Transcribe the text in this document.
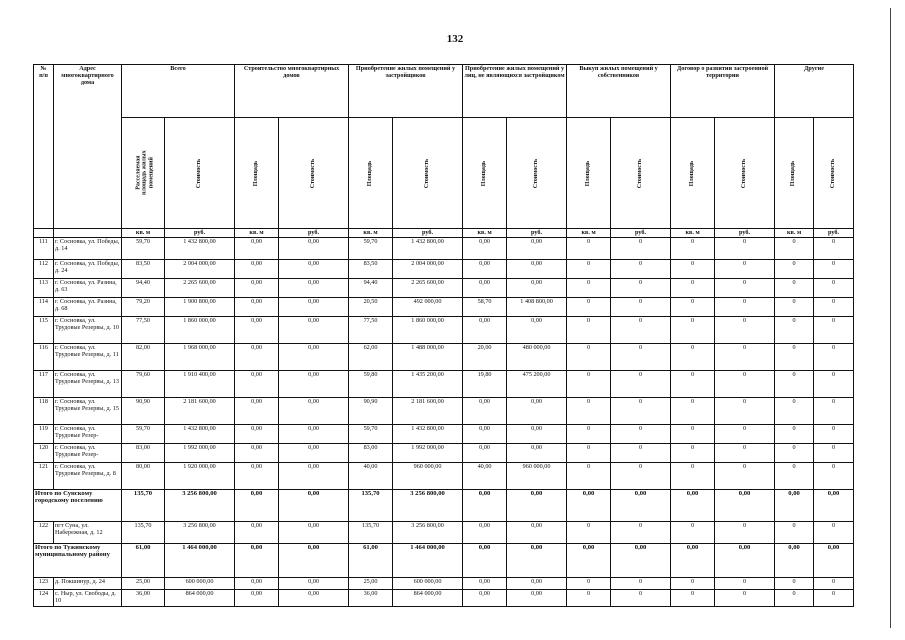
132
№
п/п	Адрес многоквартирного дома	Всего		Строительство многоквартирных домов		Приобретение жилых помещений у застройщиков		Приобретение жилых помещений у лиц, не являющихся застройщиком		Выкуп жилых помещений у собственников		Договор о развитии застроенной территории		Другие	
		Расселяемая площадь жилых помещений	Стоимость	Площадь	Стоимость	Площадь	Стоимость	Площадь	Стоимость	Площадь	Стоимость	Площадь	Стоимость	Площадь	Стоимость
		кв. м	руб.	кв. м	руб.	кв. м	руб.	кв. м	руб.	кв. м	руб.	кв. м	руб.	кв. м	руб.
111	г. Сосновка, ул. Победы, д. 14	59,70	1 432 800,00	0,00	0,00	59,70	1 432 800,00	0,00	0,00	0	0	0	0	0	0
112	г. Сосновка, ул. Победы, д. 24	83,50	2 004 000,00	0,00	0,00	83,50	2 004 000,00	0,00	0,00	0	0	0	0	0	0
113	г. Сосновка, ул. Разина, д. 63	94,40	2 265 600,00	0,00	0,00	94,40	2 265 600,00	0,00	0,00	0	0	0	0	0	0
114	г. Сосновка, ул. Разина, д. 68	79,20	1 900 800,00	0,00	0,00	20,50	492 000,00	58,70	1 408 800,00	0	0	0	0	0	0
115	г. Сосновка, ул. Трудовые Резервы, д. 10	77,50	1 860 000,00	0,00	0,00	77,50	1 860 000,00	0,00	0,00	0	0	0	0	0	0
116	г. Сосновка, ул. Трудовые Резервы, д. 11	82,00	1 968 000,00	0,00	0,00	62,00	1 488 000,00	20,00	480 000,00	0	0	0	0	0	0
117	г. Сосновка, ул. Трудовые Резервы, д. 13	79,60	1 910 400,00	0,00	0,00	59,80	1 435 200,00	19,80	475 200,00	0	0	0	0	0	0
118	г. Сосновка, ул. Трудовые Резервы, д. 15	90,90	2 181 600,00	0,00	0,00	90,90	2 181 600,00	0,00	0,00	0	0	0	0	0	0
119	г. Сосновка, ул. Трудовые Резер-	59,70	1 432 800,00	0,00	0,00	59,70	1 432 800,00	0,00	0,00	0	0	0	0	0	0
120	г. Сосновка, ул. Трудовые Резер-	83,00	1 992 000,00	0,00	0,00	83,00	1 992 000,00	0,00	0,00	0	0	0	0	0	0
121	г. Сосновка, ул. Трудовые Резервы, д. 8	80,00	1 920 000,00	0,00	0,00	40,00	960 000,00	40,00	960 000,00	0	0	0	0	0	0
Итого по Сунскому городскому поселению		135,70	3 256 800,00	0,00	0,00	135,70	3 256 800,00	0,00	0,00	0,00	0,00	0,00	0,00	0,00	0,00
122	пгт Суна, ул. Набережная, д. 12	135,70	3 256 800,00	0,00	0,00	135,70	3 256 800,00	0,00	0,00	0	0	0	0	0	0
Итого по Тужинскому муниципальному району		61,00	1 464 000,00	0,00	0,00	61,00	1 464 000,00	0,00	0,00	0,00	0,00	0,00	0,00	0,00	0,00
123	д. Покшинур, д. 24	25,00	600 000,00	0,00	0,00	25,00	600 000,00	0,00	0,00	0	0	0	0	0	0
124	с. Ныр, ул. Свободы, д. 10	36,00	864 000,00	0,00	0,00	36,00	864 000,00	0,00	0,00	0	0	0	0	0	0
